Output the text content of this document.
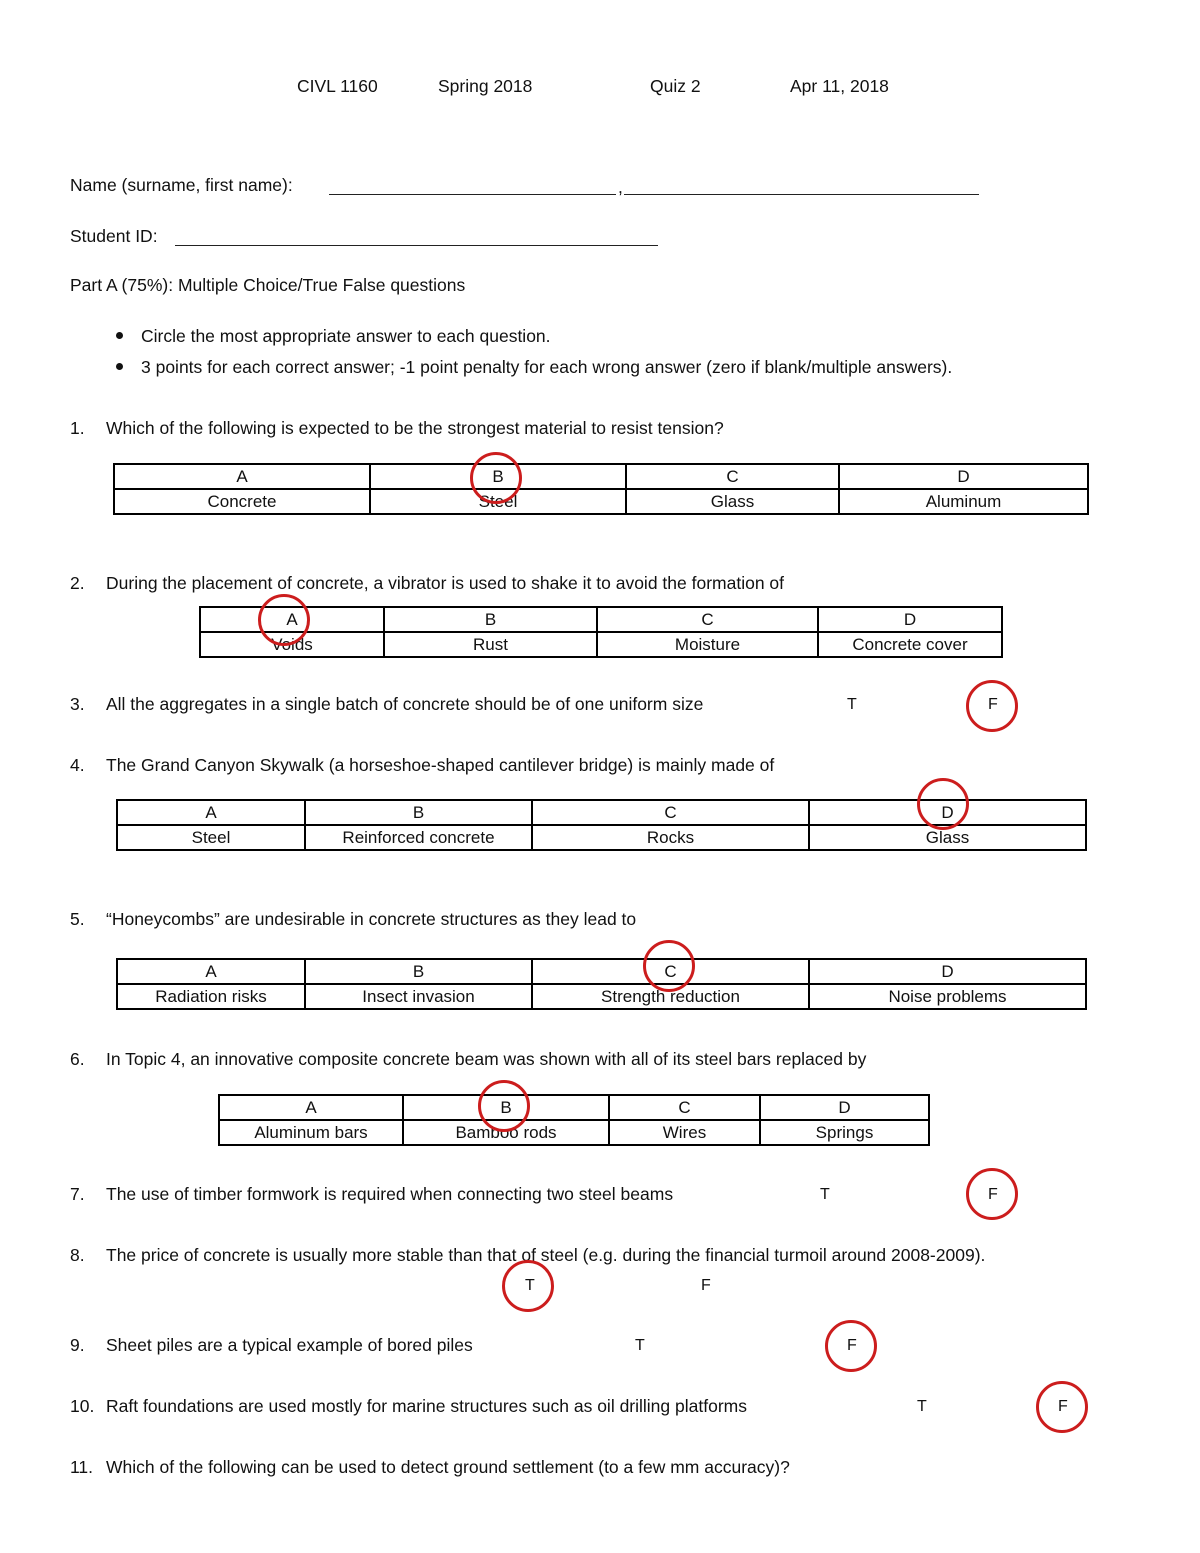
CIVL 1160	Spring 2018	Quiz 2	Apr 11, 2018
Name (surname, first name):	,
Student ID:
Part A (75%): Multiple Choice/True False questions
Circle the most appropriate answer to each question.
3 points for each correct answer; -1 point penalty for each wrong answer (zero if blank/multiple answers).
1. Which of the following is expected to be the strongest material to resist tension?
A	B	C	D
Concrete	Steel	Glass	Aluminum
2. During the placement of concrete, a vibrator is used to shake it to avoid the formation of
A	B	C	D
Voids	Rust	Moisture	Concrete cover
3. All the aggregates in a single batch of concrete should be of one uniform size	T	F
4. The Grand Canyon Skywalk (a horseshoe-shaped cantilever bridge) is mainly made of
A	B	C	D
Steel	Reinforced concrete	Rocks	Glass
5. “Honeycombs” are undesirable in concrete structures as they lead to
A	B	C	D
Radiation risks	Insect invasion	Strength reduction	Noise problems
6. In Topic 4, an innovative composite concrete beam was shown with all of its steel bars replaced by
A	B	C	D
Aluminum bars	Bamboo rods	Wires	Springs
7. The use of timber formwork is required when connecting two steel beams	T	F
8. The price of concrete is usually more stable than that of steel (e.g. during the financial turmoil around 2008-2009).
T	F
9. Sheet piles are a typical example of bored piles	T	F
10. Raft foundations are used mostly for marine structures such as oil drilling platforms	T	F
11. Which of the following can be used to detect ground settlement (to a few mm accuracy)?
